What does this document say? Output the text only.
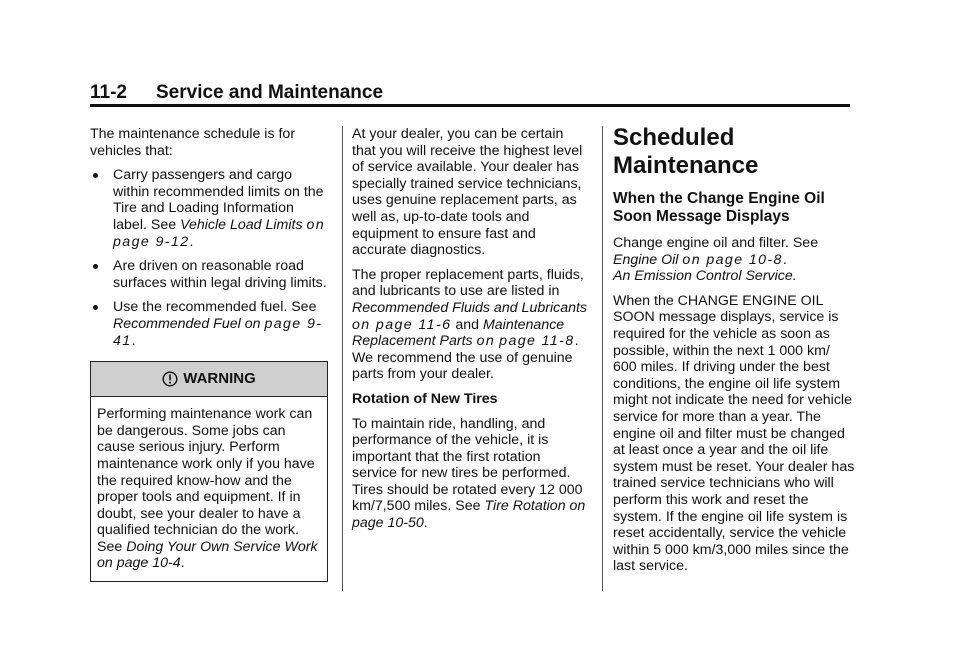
11-2 Service and Maintenance

The maintenance schedule is for vehicles that:

Carry passengers and cargo within recommended limits on the Tire and Loading Information label. See Vehicle Load Limits on page 9-12.
Are driven on reasonable road surfaces within legal driving limits.
Use the recommended fuel. See Recommended Fuel on page 9-41.
WARNING
Performing maintenance work can be dangerous. Some jobs can cause serious injury. Perform maintenance work only if you have the required know-how and the proper tools and equipment. If in doubt, see your dealer to have a qualified technician do the work. See Doing Your Own Service Work on page 10-4.

At your dealer, you can be certain that you will receive the highest level of service available. Your dealer has specially trained service technicians, uses genuine replacement parts, as well as, up-to-date tools and equipment to ensure fast and accurate diagnostics.

The proper replacement parts, fluids, and lubricants to use are listed in Recommended Fluids and Lubricants on page 11-6 and Maintenance Replacement Parts on page 11-8. We recommend the use of genuine parts from your dealer.

Rotation of New Tires

To maintain ride, handling, and performance of the vehicle, it is important that the first rotation service for new tires be performed. Tires should be rotated every 12 000 km/7,500 miles. See Tire Rotation on page 10-50.

Scheduled Maintenance
When the Change Engine Oil Soon Message Displays

Change engine oil and filter. See Engine Oil on page 10-8.
An Emission Control Service.

When the CHANGE ENGINE OIL SOON message displays, service is required for the vehicle as soon as possible, within the next 1 000 km/ 600 miles. If driving under the best conditions, the engine oil life system might not indicate the need for vehicle service for more than a year. The engine oil and filter must be changed at least once a year and the oil life system must be reset. Your dealer has trained service technicians who will perform this work and reset the system. If the engine oil life system is reset accidentally, service the vehicle within 5 000 km/3,000 miles since the last service.
